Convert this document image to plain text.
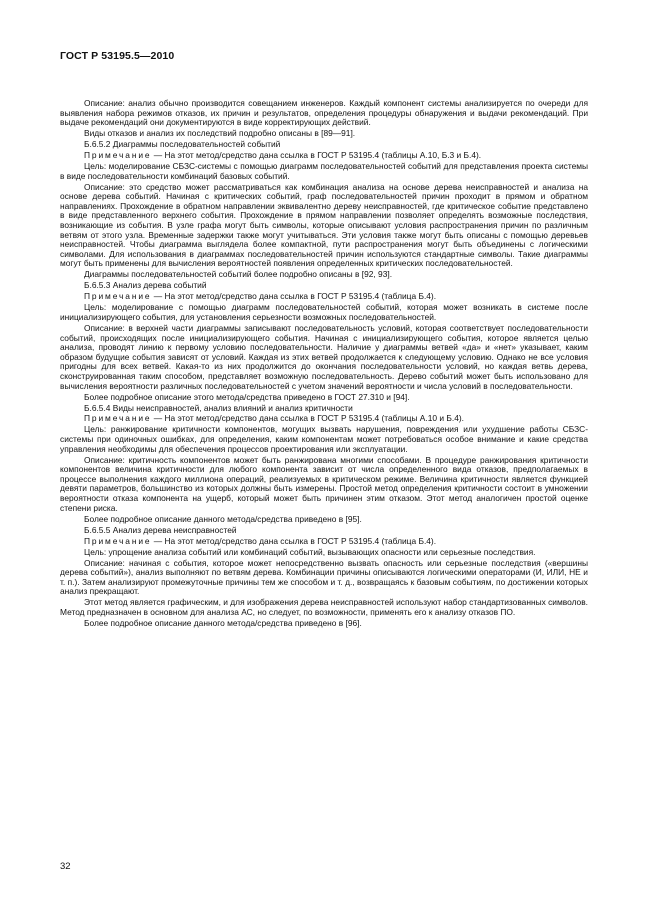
ГОСТ Р 53195.5—2010

Описание: анализ обычно производится совещанием инженеров. Каждый компонент системы анализируется по очереди для выявления набора режимов отказов, их причин и результатов, определения процедуры обнаружения и выдачи рекомендаций. При выдаче рекомендаций они документируются в виде корректирующих действий.

Виды отказов и анализ их последствий подробно описаны в [89—91].

Б.6.5.2 Диаграммы последовательностей событий

Примечание — На этот метод/средство дана ссылка в ГОСТ Р 53195.4 (таблицы А.10, Б.3 и Б.4).

Цель: моделирование СБЗС-системы с помощью диаграмм последовательностей событий для представления проекта системы в виде последовательности комбинаций базовых событий.

Описание: это средство может рассматриваться как комбинация анализа на основе дерева неисправностей и анализа на основе дерева событий. Начиная с критических событий, граф последовательностей причин проходит в прямом и обратном направлениях. Прохождение в обратном направлении эквивалентно дереву неисправностей, где критическое событие представлено в виде представленного верхнего события. Прохождение в прямом направлении позволяет определять возможные последствия, возникающие из события. В узле графа могут быть символы, которые описывают условия распространения причин по различным ветвям от этого узла. Временные задержки также могут учитываться. Эти условия также могут быть описаны с помощью деревьев неисправностей. Чтобы диаграмма выглядела более компактной, пути распространения могут быть объединены с логическими символами. Для использования в диаграммах последовательностей причин используются стандартные символы. Такие диаграммы могут быть применены для вычисления вероятностей появления определенных критических последовательностей.

Диаграммы последовательностей событий более подробно описаны в [92, 93].

Б.6.5.3 Анализ дерева событий

Примечание — На этот метод/средство дана ссылка в ГОСТ Р 53195.4 (таблица Б.4).

Цель: моделирование с помощью диаграмм последовательностей событий, которая может возникать в системе после инициализирующего события, для установления серьезности возможных последовательностей.

Описание: в верхней части диаграммы записывают последовательность условий, которая соответствует последовательности событий, происходящих после инициализирующего события. Начиная с инициализирующего события, которое является целью анализа, проводят линию к первому условию последовательности. Наличие у диаграммы ветвей «да» и «нет» указывает, каким образом будущие события зависят от условий. Каждая из этих ветвей продолжается к следующему условию. Однако не все условия пригодны для всех ветвей. Какая-то из них продолжится до окончания последовательности условий, но каждая ветвь дерева, сконструированная таким способом, представляет возможную последовательность. Дерево событий может быть использовано для вычисления вероятности различных последовательностей с учетом значений вероятности и числа условий в последовательности.

Более подробное описание этого метода/средства приведено в ГОСТ 27.310 и [94].

Б.6.5.4 Виды неисправностей, анализ влияний и анализ критичности

Примечание — На этот метод/средство дана ссылка в ГОСТ Р 53195.4 (таблицы А.10 и Б.4).

Цель: ранжирование критичности компонентов, могущих вызвать нарушения, повреждения или ухудшение работы СБЗС-системы при одиночных ошибках, для определения, каким компонентам может потребоваться особое внимание и какие средства управления необходимы для обеспечения процессов проектирования или эксплуатации.

Описание: критичность компонентов может быть ранжирована многими способами. В процедуре ранжирования критичности компонентов величина критичности для любого компонента зависит от числа определенного вида отказов, предполагаемых в процессе выполнения каждого миллиона операций, реализуемых в критическом режиме. Величина критичности является функцией девяти параметров, большинство из которых должны быть измерены. Простой метод определения критичности состоит в умножении вероятности отказа компонента на ущерб, который может быть причинен этим отказом. Этот метод аналогичен простой оценке степени риска.

Более подробное описание данного метода/средства приведено в [95].

Б.6.5.5 Анализ дерева неисправностей

Примечание — На этот метод/средство дана ссылка в ГОСТ Р 53195.4 (таблица Б.4).

Цель: упрощение анализа событий или комбинаций событий, вызывающих опасности или серьезные последствия.

Описание: начиная с события, которое может непосредственно вызвать опасность или серьезные последствия («вершины дерева событий»), анализ выполняют по ветвям дерева. Комбинации причины описываются логическими операторами (И, ИЛИ, НЕ и т. п.). Затем анализируют промежуточные причины тем же способом и т. д., возвращаясь к базовым событиям, по достижении которых анализ прекращают.

Этот метод является графическим, и для изображения дерева неисправностей используют набор стандартизованных символов. Метод предназначен в основном для анализа АС, но следует, по возможности, применять его к анализу отказов ПО.

Более подробное описание данного метода/средства приведено в [96].

32
